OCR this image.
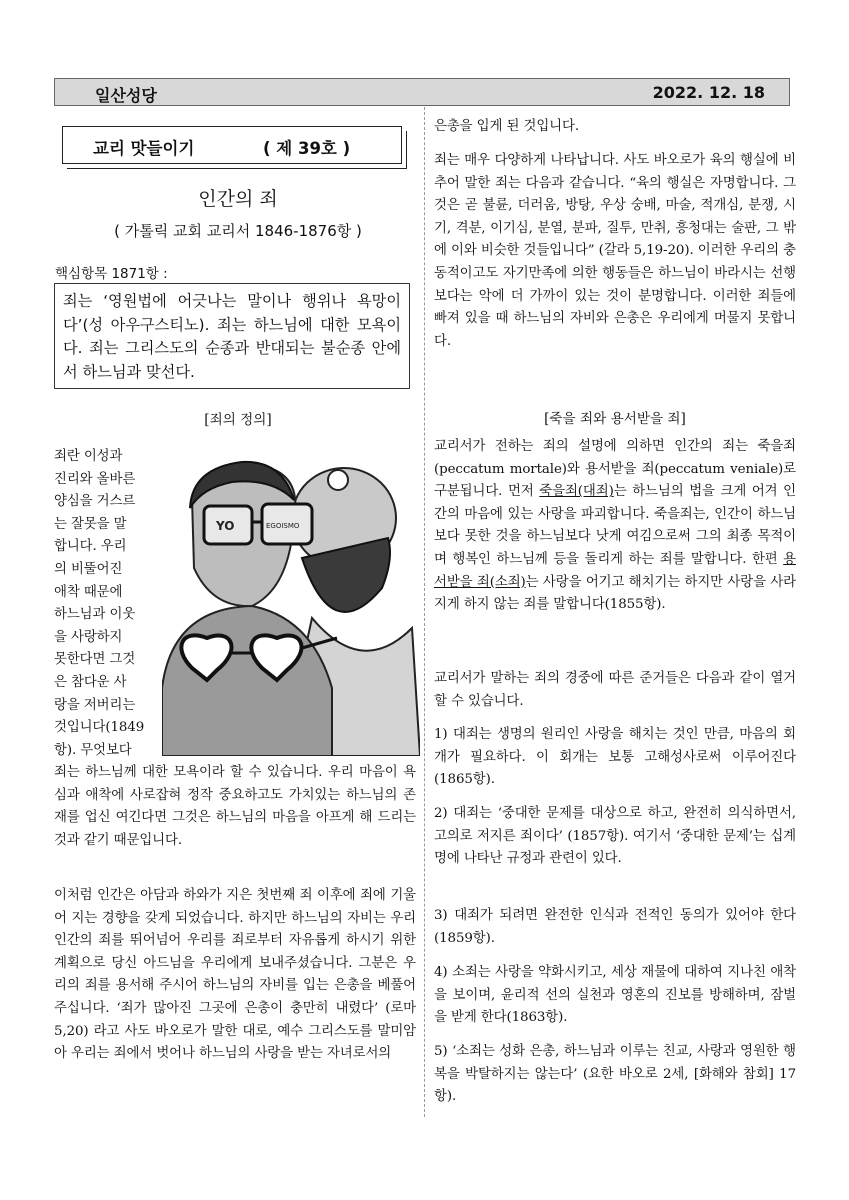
일산성당	2022. 12. 18
교리 맛들이기	( 제 39호 )
인간의 죄
( 가톨릭 교회 교리서 1846-1876항 )
핵심항목 1871항 :
죄는 ‘영원법에 어긋나는 말이나 행위나 욕망이다’(성 아우구스티노). 죄는 하느님에 대한 모욕이다. 죄는 그리스도의 순종과 반대되는 불순종 안에서 하느님과 맞선다.
[죄의 정의]
죄란 이성과
진리와 올바른
양심을 거스르
는 잘못을 말
합니다. 우리
의 비뚤어진
애착 때문에
하느님과 이웃
을 사랑하지
못한다면 그것
은 참다운 사
랑을 저버리는
것입니다(1849
항). 무엇보다
YO	EGOISMO
죄는 하느님께 대한 모욕이라 할 수 있습니다. 우리 마음이 욕심과 애착에 사로잡혀 정작 중요하고도 가치있는 하느님의 존재를 업신 여긴다면 그것은 하느님의 마음을 아프게 해 드리는 것과 같기 때문입니다.
이처럼 인간은 아담과 하와가 지은 첫번째 죄 이후에 죄에 기울어 지는 경향을 갖게 되었습니다. 하지만 하느님의 자비는 우리 인간의 죄를 뛰어넘어 우리를 죄로부터 자유롭게 하시기 위한 계획으로 당신 아드님을 우리에게 보내주셨습니다. 그분은 우리의 죄를 용서해 주시어 하느님의 자비를 입는 은총을 베풀어 주십니다. ‘죄가 많아진 그곳에 은총이 충만히 내렸다’ (로마 5,20) 라고 사도 바오로가 말한 대로, 예수 그리스도를 말미암아 우리는 죄에서 벗어나 하느님의 사랑을 받는 자녀로서의
은총을 입게 된 것입니다.
죄는 매우 다양하게 나타납니다. 사도 바오로가 육의 행실에 비추어 말한 죄는 다음과 같습니다. “육의 행실은 자명합니다. 그것은 곧 불륜, 더러움, 방탕, 우상 숭배, 마술, 적개심, 분쟁, 시기, 격분, 이기심, 분열, 분파, 질투, 만취, 흥청대는 술판, 그 밖에 이와 비슷한 것들입니다” (갈라 5,19-20). 이러한 우리의 충동적이고도 자기만족에 의한 행동들은 하느님이 바라시는 선행 보다는 악에 더 가까이 있는 것이 분명합니다. 이러한 죄들에 빠져 있을 때 하느님의 자비와 은총은 우리에게 머물지 못합니다.
[죽을 죄와 용서받을 죄]
교리서가 전하는 죄의 설명에 의하면 인간의 죄는 죽을죄(peccatum mortale)와 용서받을 죄(peccatum veniale)로 구분됩니다. 먼저 죽을죄(대죄)는 하느님의 법을 크게 어겨 인간의 마음에 있는 사랑을 파괴합니다. 죽을죄는, 인간이 하느님보다 못한 것을 하느님보다 낫게 여김으로써 그의 최종 목적이며 행복인 하느님께 등을 돌리게 하는 죄를 말합니다. 한편 용서받을 죄(소죄)는 사랑을 어기고 해치기는 하지만 사랑을 사라지게 하지 않는 죄를 말합니다(1855항).
교리서가 말하는 죄의 경중에 따른 준거들은 다음과 같이 열거할 수 있습니다.
1) 대죄는 생명의 원리인 사랑을 해치는 것인 만큼, 마음의 회개가 필요하다. 이 회개는 보통 고해성사로써 이루어진다(1865항).
2) 대죄는 ‘중대한 문제를 대상으로 하고, 완전히 의식하면서, 고의로 저지른 죄이다’ (1857항). 여기서 ‘중대한 문제’는 십계명에 나타난 규정과 관련이 있다.
3) 대죄가 되려면 완전한 인식과 전적인 동의가 있어야 한다(1859항).
4) 소죄는 사랑을 약화시키고, 세상 재물에 대하여 지나친 애착을 보이며, 윤리적 선의 실천과 영혼의 진보를 방해하며, 잠벌을 받게 한다(1863항).
5) ‘소죄는 성화 은총, 하느님과 이루는 친교, 사랑과 영원한 행복을 박탈하지는 않는다’ (요한 바오로 2세, [화해와 참회] 17항).
